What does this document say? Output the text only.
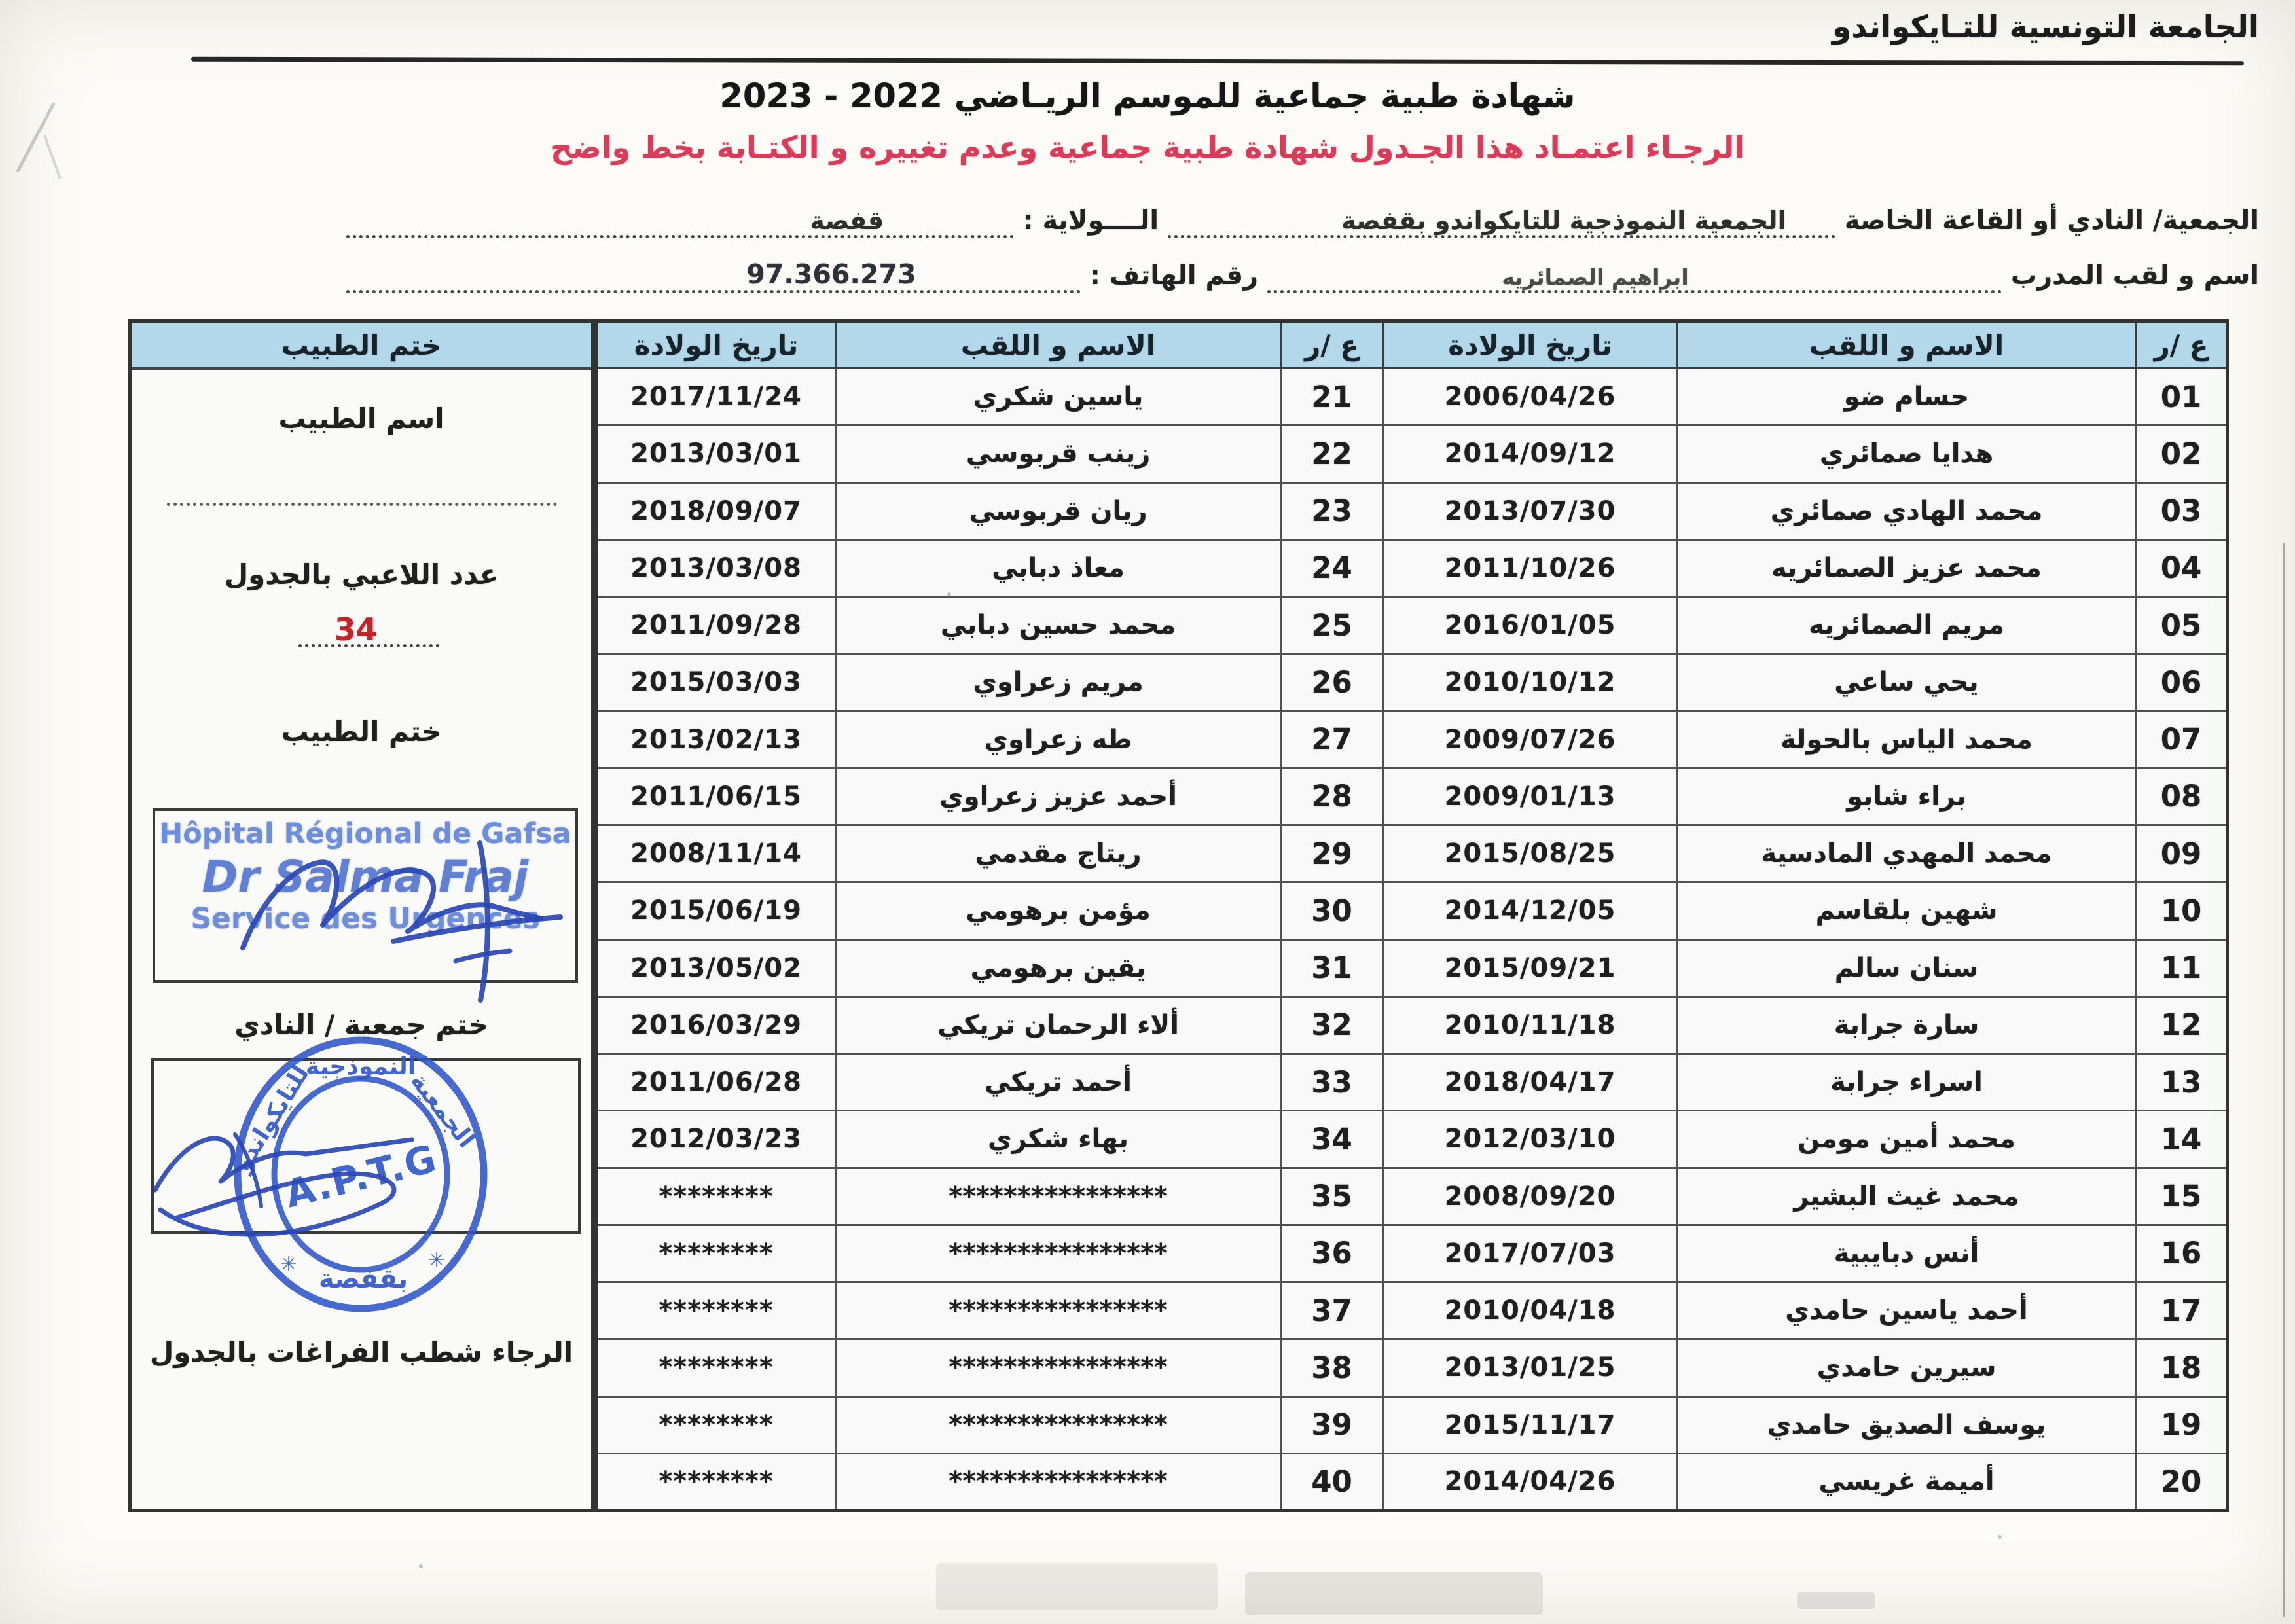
الجامعة التونسية للتـايكواندو
شهادة طبية جماعية للموسم الريـاضي 2022 - 2023
الرجـاء اعتمـاد هذا الجـدول شهادة طبية جماعية وعدم تغييره و الكتـابة بخط واضح
الجمعية/ النادي أو القاعة الخاصة
الجمعية النموذجية للتايكواندو بقفصة
الــــولاية :
قفصة
اسم و لقب المدرب
ابراهيم الصمائريه
رقم الهاتف :
97.366.273
ختم الطبيب
اسم الطبيب
عدد اللاعبي بالجدول
34
ختم الطبيب
Hôpital Régional de Gafsa
Dr Salma Fraj
Service des Urgences
ختم جمعية / النادي
الجمعية
النموذجية
للتايكواندو
بقفصة
✳	✳
A.P.T.G
الرجاء شطب الفراغات بالجدول
ع /ر	الاسم و اللقب	تاريخ الولادة	ع /ر	الاسم و اللقب	تاريخ الولادة
01	حسام ضو	2006/04/26	21	ياسين شكري	2017/11/24
02	هدايا صمائري	2014/09/12	22	زينب قربوسي	2013/03/01
03	محمد الهادي صمائري	2013/07/30	23	ريان قربوسي	2018/09/07
04	محمد عزيز الصمائريه	2011/10/26	24	معاذ دبابي	2013/03/08
05	مريم الصمائريه	2016/01/05	25	محمد حسين دبابي	2011/09/28
06	يحي ساعي	2010/10/12	26	مريم زعراوي	2015/03/03
07	محمد الياس بالحولة	2009/07/26	27	طه زعراوي	2013/02/13
08	براء شابو	2009/01/13	28	أحمد عزيز زعراوي	2011/06/15
09	محمد المهدي المادسية	2015/08/25	29	ريتاج مقدمي	2008/11/14
10	شهين بلقاسم	2014/12/05	30	مؤمن برهومي	2015/06/19
11	سنان سالم	2015/09/21	31	يقين برهومي	2013/05/02
12	سارة جرابة	2010/11/18	32	ألاء الرحمان تريكي	2016/03/29
13	اسراء جرابة	2018/04/17	33	أحمد تريكي	2011/06/28
14	محمد أمين مومن	2012/03/10	34	بهاء شكري	2012/03/23
15	محمد غيث البشير	2008/09/20	35	****************	********
16	أنس دبايبية	2017/07/03	36	****************	********
17	أحمد ياسين حامدي	2010/04/18	37	****************	********
18	سيرين حامدي	2013/01/25	38	****************	********
19	يوسف الصديق حامدي	2015/11/17	39	****************	********
20	أميمة غريسي	2014/04/26	40	****************	********
